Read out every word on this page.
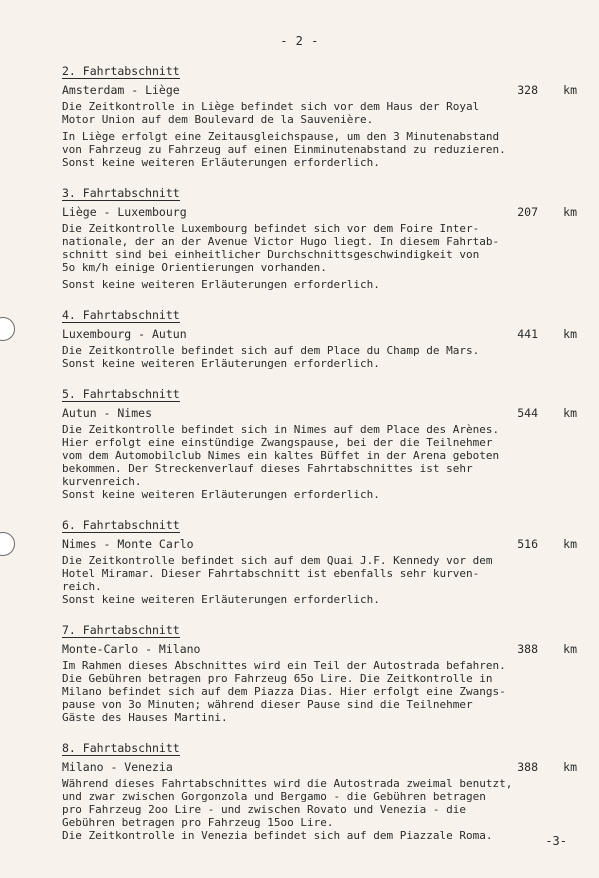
- 2 -
2. Fahrtabschnitt
Amsterdam - Liège	328	km
Die Zeitkontrolle in Liège befindet sich vor dem Haus der Royal
Motor Union auf dem Boulevard de la Sauvenière.
In Liège erfolgt eine Zeitausgleichspause, um den 3 Minutenabstand
von Fahrzeug zu Fahrzeug auf einen Einminutenabstand zu reduzieren.
Sonst keine weiteren Erläuterungen erforderlich.
3. Fahrtabschnitt
Liège - Luxembourg	207	km
Die Zeitkontrolle Luxembourg befindet sich vor dem Foire Inter-
nationale, der an der Avenue Victor Hugo liegt. In diesem Fahrtab-
schnitt sind bei einheitlicher Durchschnittsgeschwindigkeit von
5o km/h einige Orientierungen vorhanden.
Sonst keine weiteren Erläuterungen erforderlich.
4. Fahrtabschnitt
Luxembourg - Autun	441	km
Die Zeitkontrolle befindet sich auf dem Place du Champ de Mars.
Sonst keine weiteren Erläuterungen erforderlich.
5. Fahrtabschnitt
Autun - Nimes	544	km
Die Zeitkontrolle befindet sich in Nimes auf dem Place des Arènes.
Hier erfolgt eine einstündige Zwangspause, bei der die Teilnehmer
vom dem Automobilclub Nimes ein kaltes Büffet in der Arena geboten
bekommen. Der Streckenverlauf dieses Fahrtabschnittes ist sehr
kurvenreich.
Sonst keine weiteren Erläuterungen erforderlich.
6. Fahrtabschnitt
Nimes - Monte Carlo	516	km
Die Zeitkontrolle befindet sich auf dem Quai J.F. Kennedy vor dem
Hotel Miramar. Dieser Fahrtabschnitt ist ebenfalls sehr kurven-
reich.
Sonst keine weiteren Erläuterungen erforderlich.
7. Fahrtabschnitt
Monte-Carlo - Milano	388	km
Im Rahmen dieses Abschnittes wird ein Teil der Autostrada befahren.
Die Gebühren betragen pro Fahrzeug 65o Lire. Die Zeitkontrolle in
Milano befindet sich auf dem Piazza Dias. Hier erfolgt eine Zwangs-
pause von 3o Minuten; während dieser Pause sind die Teilnehmer
Gäste des Hauses Martini.
8. Fahrtabschnitt
Milano - Venezia	388	km
Während dieses Fahrtabschnittes wird die Autostrada zweimal benutzt,
und zwar zwischen Gorgonzola und Bergamo - die Gebühren betragen
pro Fahrzeug 2oo Lire - und zwischen Rovato und Venezia - die
Gebühren betragen pro Fahrzeug 15oo Lire.
Die Zeitkontrolle in Venezia befindet sich auf dem Piazzale Roma.	-3-
